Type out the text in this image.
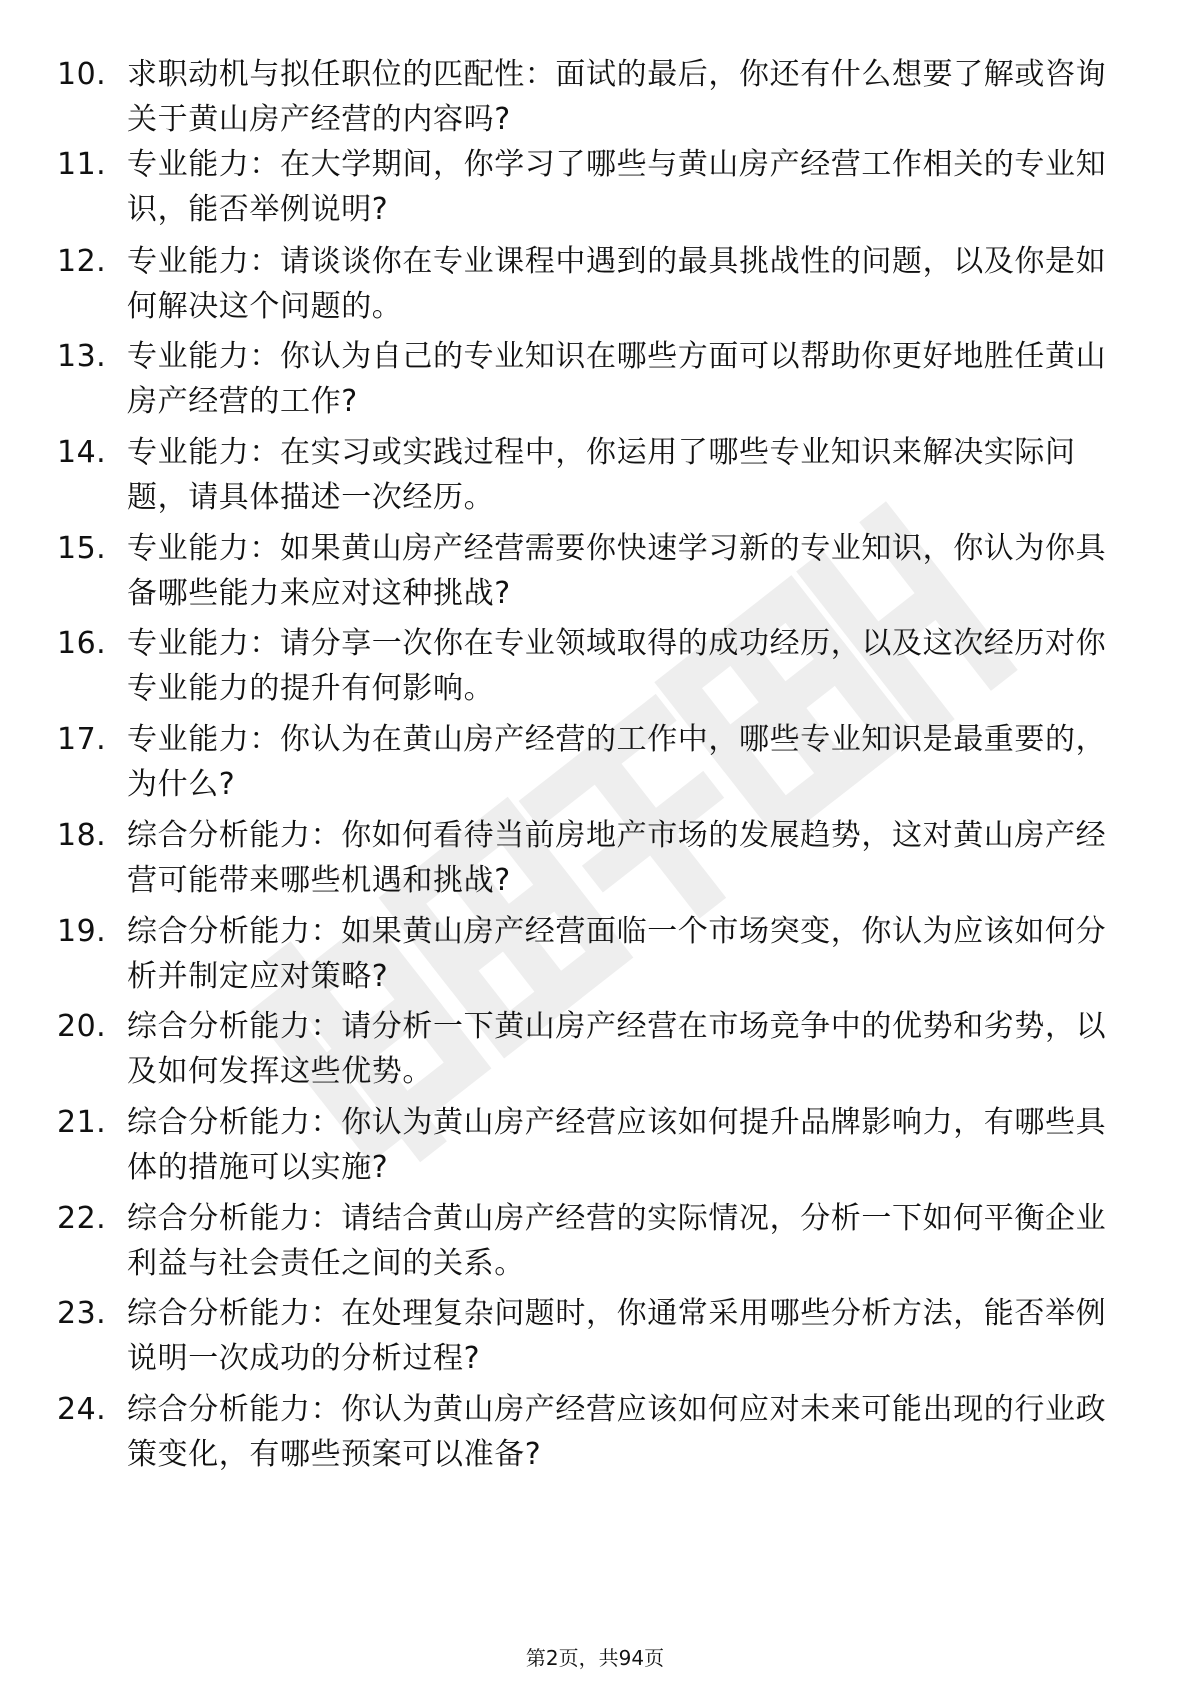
10. 求职动机与拟任职位的匹配性：面试的最后，你还有什么想要了解或咨询关于黄山房产经营的内容吗?
11. 专业能力：在大学期间，你学习了哪些与黄山房产经营工作相关的专业知识，能否举例说明?
12. 专业能力：请谈谈你在专业课程中遇到的最具挑战性的问题，以及你是如何解决这个问题的。
13. 专业能力：你认为自己的专业知识在哪些方面可以帮助你更好地胜任黄山房产经营的工作?
14. 专业能力：在实习或实践过程中，你运用了哪些专业知识来解决实际问题，请具体描述一次经历。
15. 专业能力：如果黄山房产经营需要你快速学习新的专业知识，你认为你具备哪些能力来应对这种挑战?
16. 专业能力：请分享一次你在专业领域取得的成功经历，以及这次经历对你专业能力的提升有何影响。
17. 专业能力：你认为在黄山房产经营的工作中，哪些专业知识是最重要的，为什么?
18. 综合分析能力：你如何看待当前房地产市场的发展趋势，这对黄山房产经营可能带来哪些机遇和挑战?
19. 综合分析能力：如果黄山房产经营面临一个市场突变，你认为应该如何分析并制定应对策略?
20. 综合分析能力：请分析一下黄山房产经营在市场竞争中的优势和劣势，以及如何发挥这些优势。
21. 综合分析能力：你认为黄山房产经营应该如何提升品牌影响力，有哪些具体的措施可以实施?
22. 综合分析能力：请结合黄山房产经营的实际情况，分析一下如何平衡企业利益与社会责任之间的关系。
23. 综合分析能力：在处理复杂问题时，你通常采用哪些分析方法，能否举例说明一次成功的分析过程?
24. 综合分析能力：你认为黄山房产经营应该如何应对未来可能出现的行业政策变化，有哪些预案可以准备?
第2页，共94页
